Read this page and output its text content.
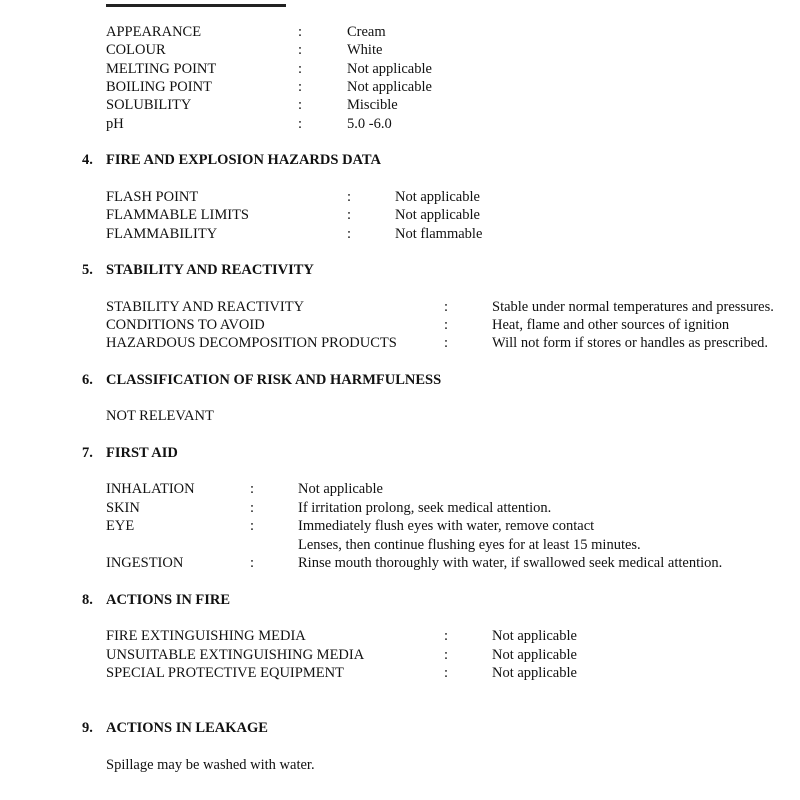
APPEARANCE	:	Cream
COLOUR	:	White
MELTING POINT	:	Not applicable
BOILING POINT	:	Not applicable
SOLUBILITY	:	Miscible
pH	:	5.0 -6.0
4. FIRE AND EXPLOSION HAZARDS DATA
FLASH POINT	:	Not applicable
FLAMMABLE LIMITS	:	Not applicable
FLAMMABILITY	:	Not flammable
5. STABILITY AND REACTIVITY
STABILITY AND REACTIVITY	:	Stable under normal temperatures and pressures.
CONDITIONS TO AVOID	:	Heat, flame and other sources of ignition
HAZARDOUS DECOMPOSITION PRODUCTS	:	Will not form if stores or handles as prescribed.
6. CLASSIFICATION OF RISK AND HARMFULNESS
NOT RELEVANT
7. FIRST AID
INHALATION	:	Not applicable
SKIN	:	If irritation prolong, seek medical attention.
EYE	:	Immediately flush eyes with water, remove contact
Lenses, then continue flushing eyes for at least 15 minutes.
INGESTION	:	Rinse mouth thoroughly with water, if swallowed seek medical attention.
8. ACTIONS IN FIRE
FIRE EXTINGUISHING MEDIA	:	Not applicable
UNSUITABLE EXTINGUISHING MEDIA	:	Not applicable
SPECIAL PROTECTIVE EQUIPMENT	:	Not applicable
9. ACTIONS IN LEAKAGE
Spillage may be washed with water.
